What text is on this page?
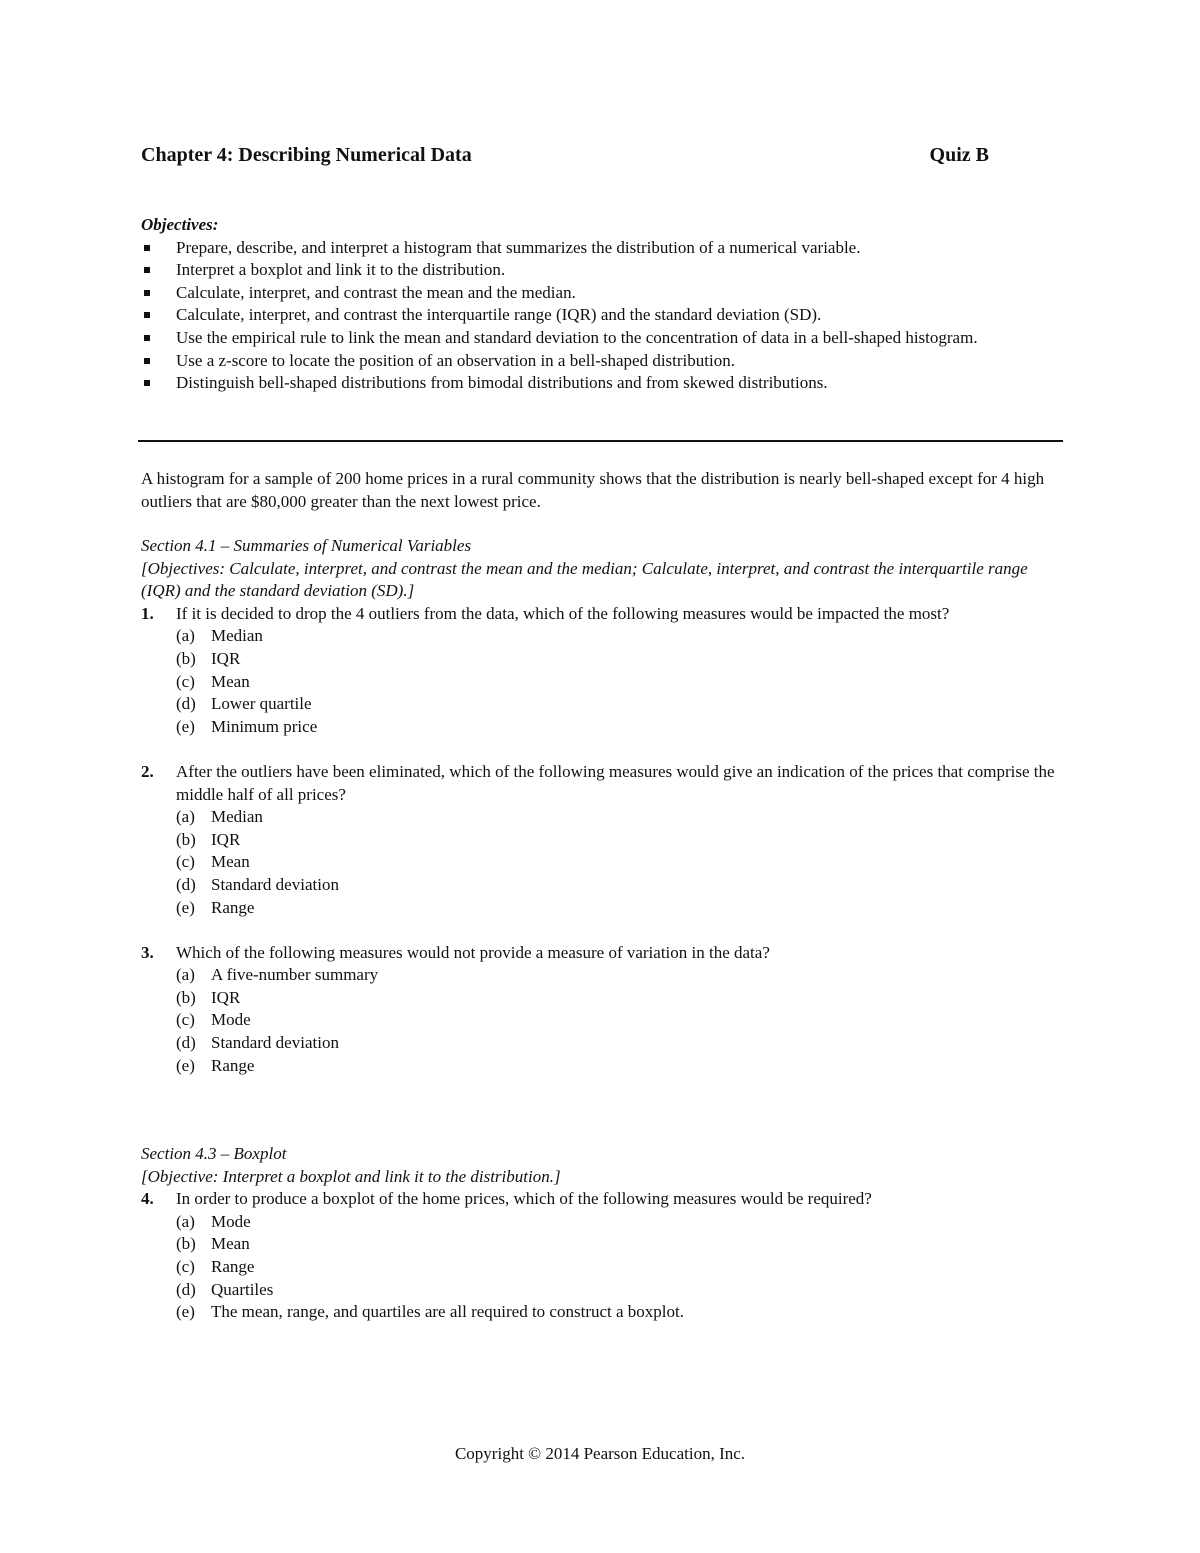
Chapter 4: Describing Numerical Data	Quiz B

Objectives:

Prepare, describe, and interpret a histogram that summarizes the distribution of a numerical variable.
Interpret a boxplot and link it to the distribution.
Calculate, interpret, and contrast the mean and the median.
Calculate, interpret, and contrast the interquartile range (IQR) and the standard deviation (SD).
Use the empirical rule to link the mean and standard deviation to the concentration of data in a bell-shaped histogram.
Use a z-score to locate the position of an observation in a bell-shaped distribution.
Distinguish bell-shaped distributions from bimodal distributions and from skewed distributions.

A histogram for a sample of 200 home prices in a rural community shows that the distribution is nearly bell-shaped except for 4 high outliers that are $80,000 greater than the next lowest price.

Section 4.1 – Summaries of Numerical Variables

[Objectives: Calculate, interpret, and contrast the mean and the median; Calculate, interpret, and contrast the interquartile range (IQR) and the standard deviation (SD).]

1. If it is decided to drop the 4 outliers from the data, which of the following measures would be impacted the most?
(a) Median
(b) IQR
(c) Mean
(d) Lower quartile
(e) Minimum price
2. After the outliers have been eliminated, which of the following measures would give an indication of the prices that comprise the middle half of all prices?
(a) Median
(b) IQR
(c) Mean
(d) Standard deviation
(e) Range
3. Which of the following measures would not provide a measure of variation in the data?
(a) A five-number summary
(b) IQR
(c) Mode
(d) Standard deviation
(e) Range

Section 4.3 – Boxplot

[Objective: Interpret a boxplot and link it to the distribution.]

4. In order to produce a boxplot of the home prices, which of the following measures would be required?
(a) Mode
(b) Mean
(c) Range
(d) Quartiles
(e) The mean, range, and quartiles are all required to construct a boxplot.
Copyright © 2014 Pearson Education, Inc.
